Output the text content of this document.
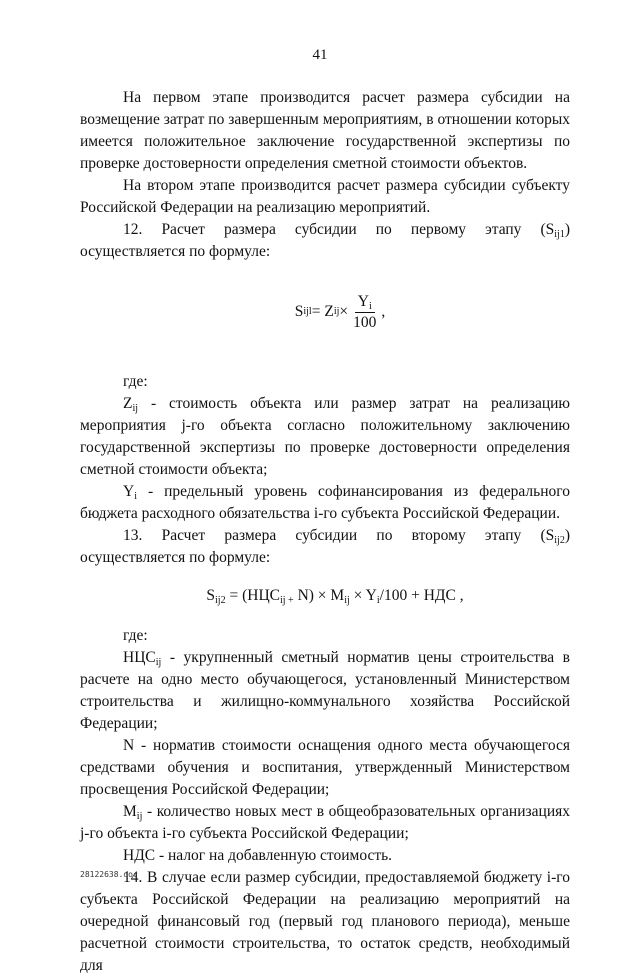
41

На первом этапе производится расчет размера субсидии на возмещение затрат по завершенным мероприятиям, в отношении которых имеется положительное заключение государственной экспертизы по проверке достоверности определения сметной стоимости объектов.

На втором этапе производится расчет размера субсидии субъекту Российской Федерации на реализацию мероприятий.

12. Расчет размера субсидии по первому этапу $(S_{ij1})$ осуществляется по формуле:

S ijl = Z ij × $\frac{Y_i}{100}$ ,

где:

$Z_{ij}$ - стоимость объекта или размер затрат на реализацию мероприятия j-го объекта согласно положительному заключению государственной экспертизы по проверке достоверности определения сметной стоимости объекта;

$Y_i$ - предельный уровень софинансирования из федерального бюджета расходного обязательства i-го субъекта Российской Федерации.

13. Расчет размера субсидии по второму этапу $(S_{ij2})$ осуществляется по формуле:

$S_{ij2} = (НЦС_{ij +}$ $N) \times M_{ij} \times Y_i/100$ + НДС ,

где:

$НЦС_{ij}$ - укрупненный сметный норматив цены строительства в расчете на одно место обучающегося, установленный Министерством строительства и жилищно-коммунального хозяйства Российской Федерации;

N - норматив стоимости оснащения одного места обучающегося средствами обучения и воспитания, утвержденный Министерством просвещения Российской Федерации;

$M_{ij}$ - количество новых мест в общеобразовательных организациях j-го объекта i-го субъекта Российской Федерации;

НДС - налог на добавленную стоимость.

14. В случае если размер субсидии, предоставляемой бюджету i-го субъекта Российской Федерации на реализацию мероприятий на очередной финансовый год (первый год планового периода), меньше расчетной стоимости строительства, то остаток средств, необходимый для

28122638.doc
